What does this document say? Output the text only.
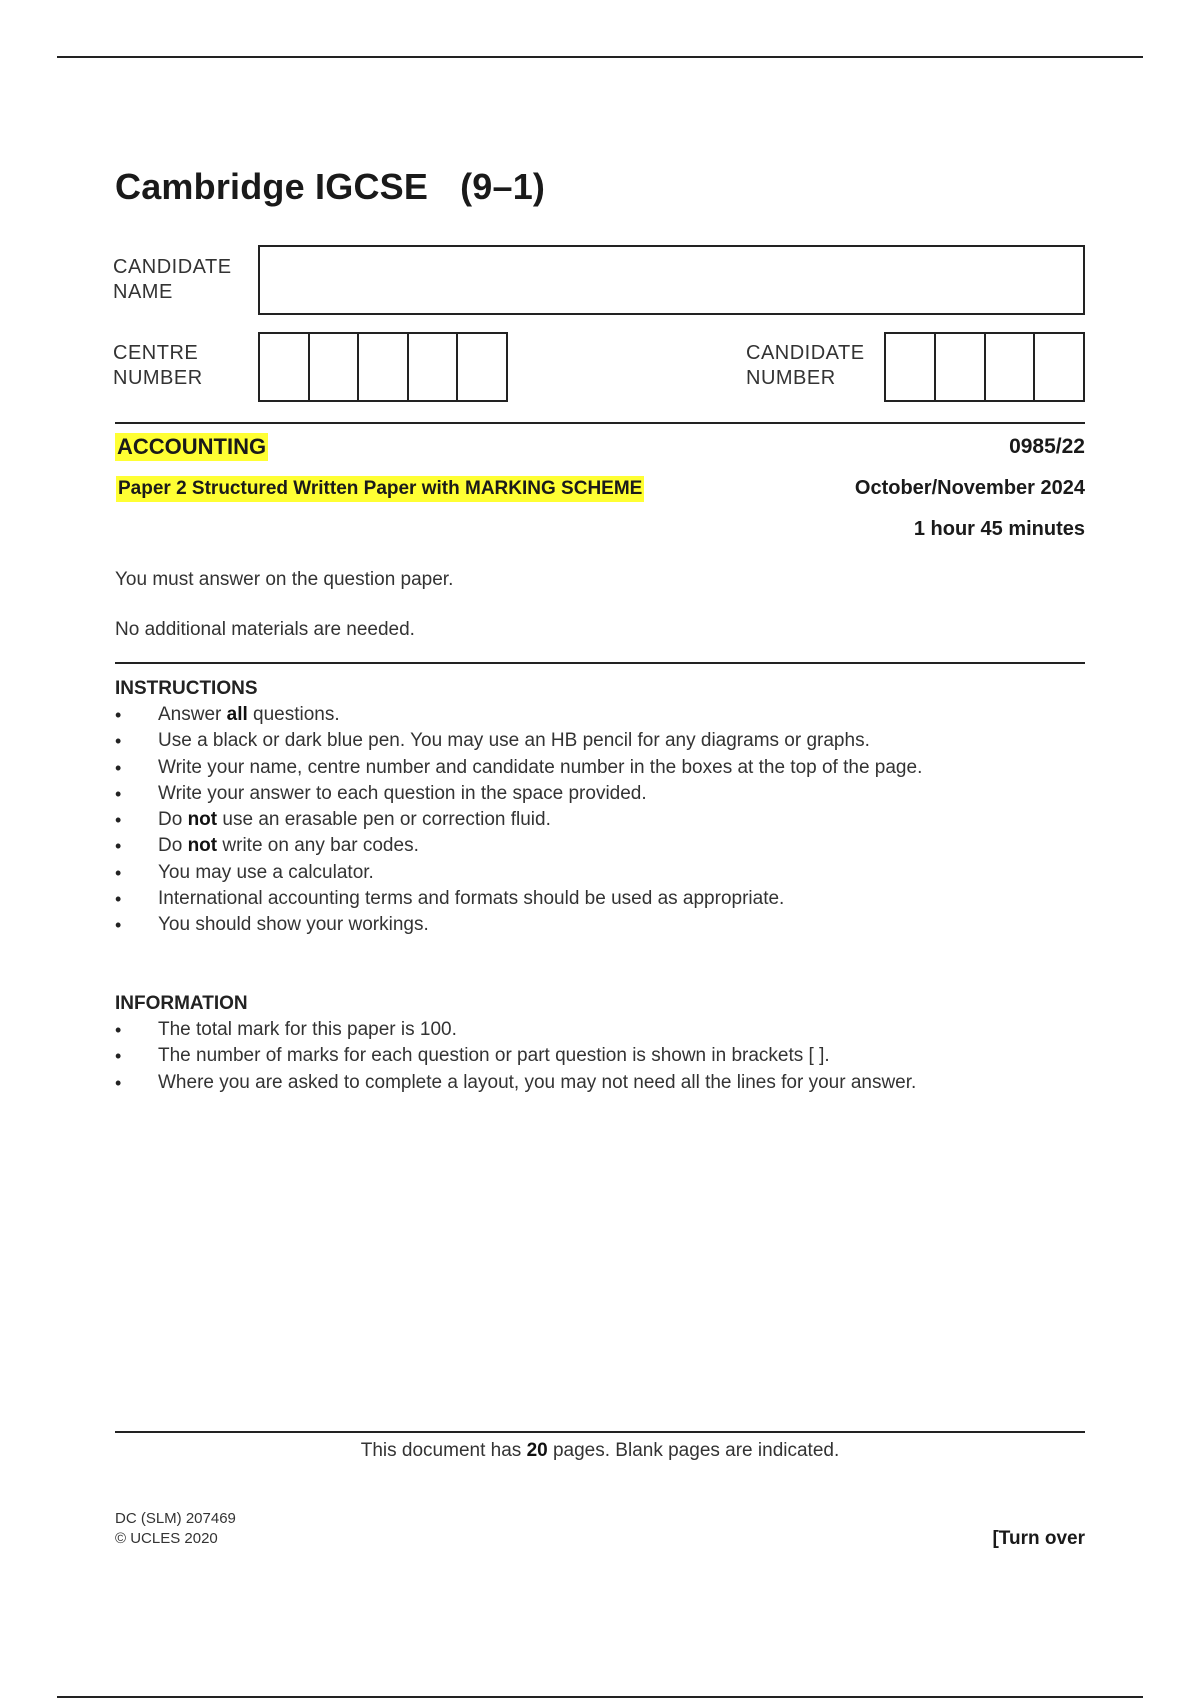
Cambridge IGCSE (9–1)
CANDIDATE
NAME
CENTRE
NUMBER
CANDIDATE
NUMBER
ACCOUNTING	0985/22
Paper 2 Structured Written Paper with MARKING SCHEME	October/November 2024
1 hour 45 minutes
You must answer on the question paper.
No additional materials are needed.
INSTRUCTIONS
• Answer all questions.
• Use a black or dark blue pen. You may use an HB pencil for any diagrams or graphs.
• Write your name, centre number and candidate number in the boxes at the top of the page.
• Write your answer to each question in the space provided.
• Do not use an erasable pen or correction fluid.
• Do not write on any bar codes.
• You may use a calculator.
• International accounting terms and formats should be used as appropriate.
• You should show your workings.
INFORMATION
• The total mark for this paper is 100.
• The number of marks for each question or part question is shown in brackets [ ].
• Where you are asked to complete a layout, you may not need all the lines for your answer.
This document has 20 pages. Blank pages are indicated.
DC (SLM) 207469
© UCLES 2020	[Turn over
